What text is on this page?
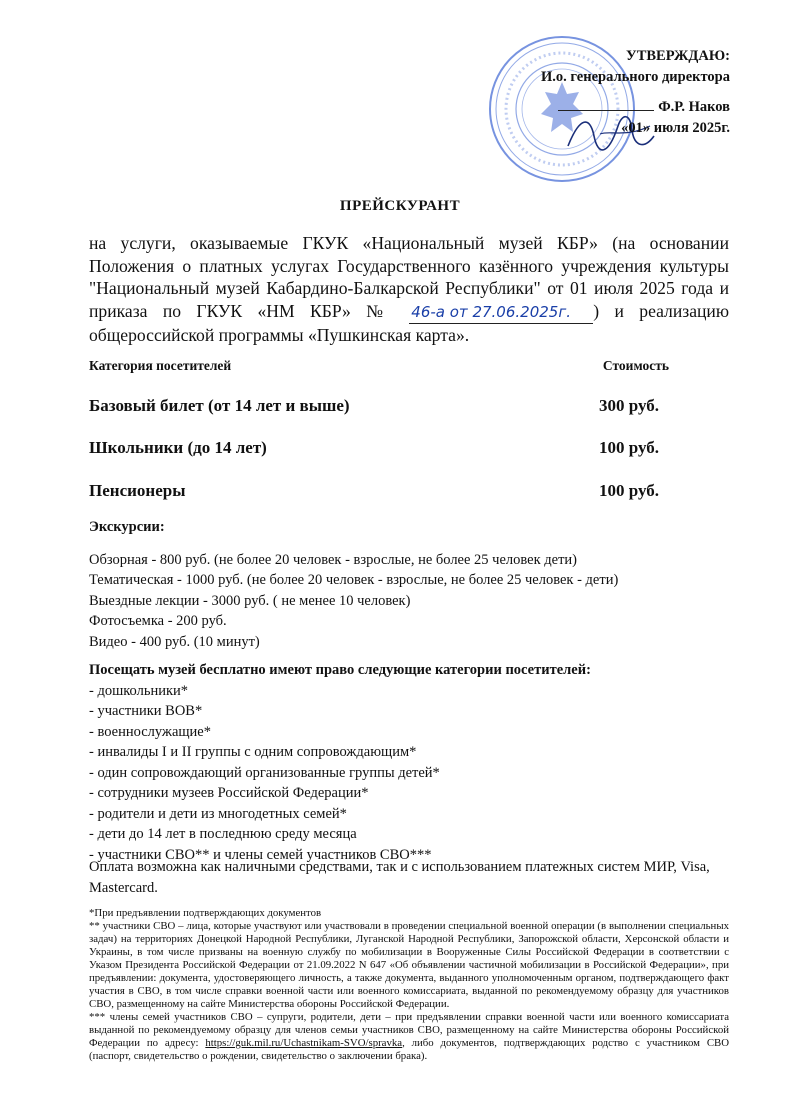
УТВЕРЖДАЮ:
И.о. генерального директора
Ф.Р. Наков
«01» июля 2025г.
ПРЕЙСКУРАНТ
на услуги, оказываемые ГКУК «Национальный музей КБР» (на основании Положения о платных услугах Государственного казённого учреждения культуры "Национальный музей Кабардино-Балкарской Республики" от 01 июля 2025 года и приказа по ГКУК «НМ КБР» № 46-а от 27.06.2025г. ) и реализацию общероссийской программы «Пушкинская карта».
Категория посетителей	Стоимость
Базовый билет (от 14 лет и выше)	300 руб.
Школьники (до 14 лет)	100 руб.
Пенсионеры	100 руб.
Экскурсии:
Обзорная - 800 руб. (не более 20 человек - взрослые, не более 25 человек дети)
Тематическая - 1000 руб. (не более 20 человек - взрослые, не более 25 человек - дети)
Выездные лекции - 3000 руб. ( не менее 10 человек)
Фотосъемка - 200 руб.
Видео - 400 руб. (10 минут)
Посещать музей бесплатно имеют право следующие категории посетителей:
- дошкольники*
- участники ВОВ*
- военнослужащие*
- инвалиды I и II группы с одним сопровождающим*
- один сопровождающий организованные группы детей*
- сотрудники музеев Российской Федерации*
- родители и дети из многодетных семей*
- дети до 14 лет в последнюю среду месяца
- участники СВО** и члены семей участников СВО***
Оплата возможна как наличными средствами, так и с использованием платежных систем МИР, Visa, Mastercard.

*При предъявлении подтверждающих документов

** участники СВО – лица, которые участвуют или участвовали в проведении специальной военной операции (в выполнении специальных задач) на территориях Донецкой Народной Республики, Луганской Народной Республики, Запорожской области, Херсонской области и Украины, в том числе призваны на военную службу по мобилизации в Вооруженные Силы Российской Федерации в соответствии с Указом Президента Российской Федерации от 21.09.2022 N 647 «Об объявлении частичной мобилизации в Российской Федерации», при предъявлении: документа, удостоверяющего личность, а также документа, выданного уполномоченным органом, подтверждающего факт участия в СВО, в том числе справки военной части или военного комиссариата, выданной по рекомендуемому образцу для участников СВО, размещенному на сайте Министерства обороны Российской Федерации.

*** члены семей участников СВО – супруги, родители, дети – при предъявлении справки военной части или военного комиссариата выданной по рекомендуемому образцу для членов семьи участников СВО, размещенному на сайте Министерства обороны Российской Федерации по адресу: https://guk.mil.ru/Uchastnikam-SVO/spravka, либо документов, подтверждающих родство с участником СВО (паспорт, свидетельство о рождении, свидетельство о заключении брака).
